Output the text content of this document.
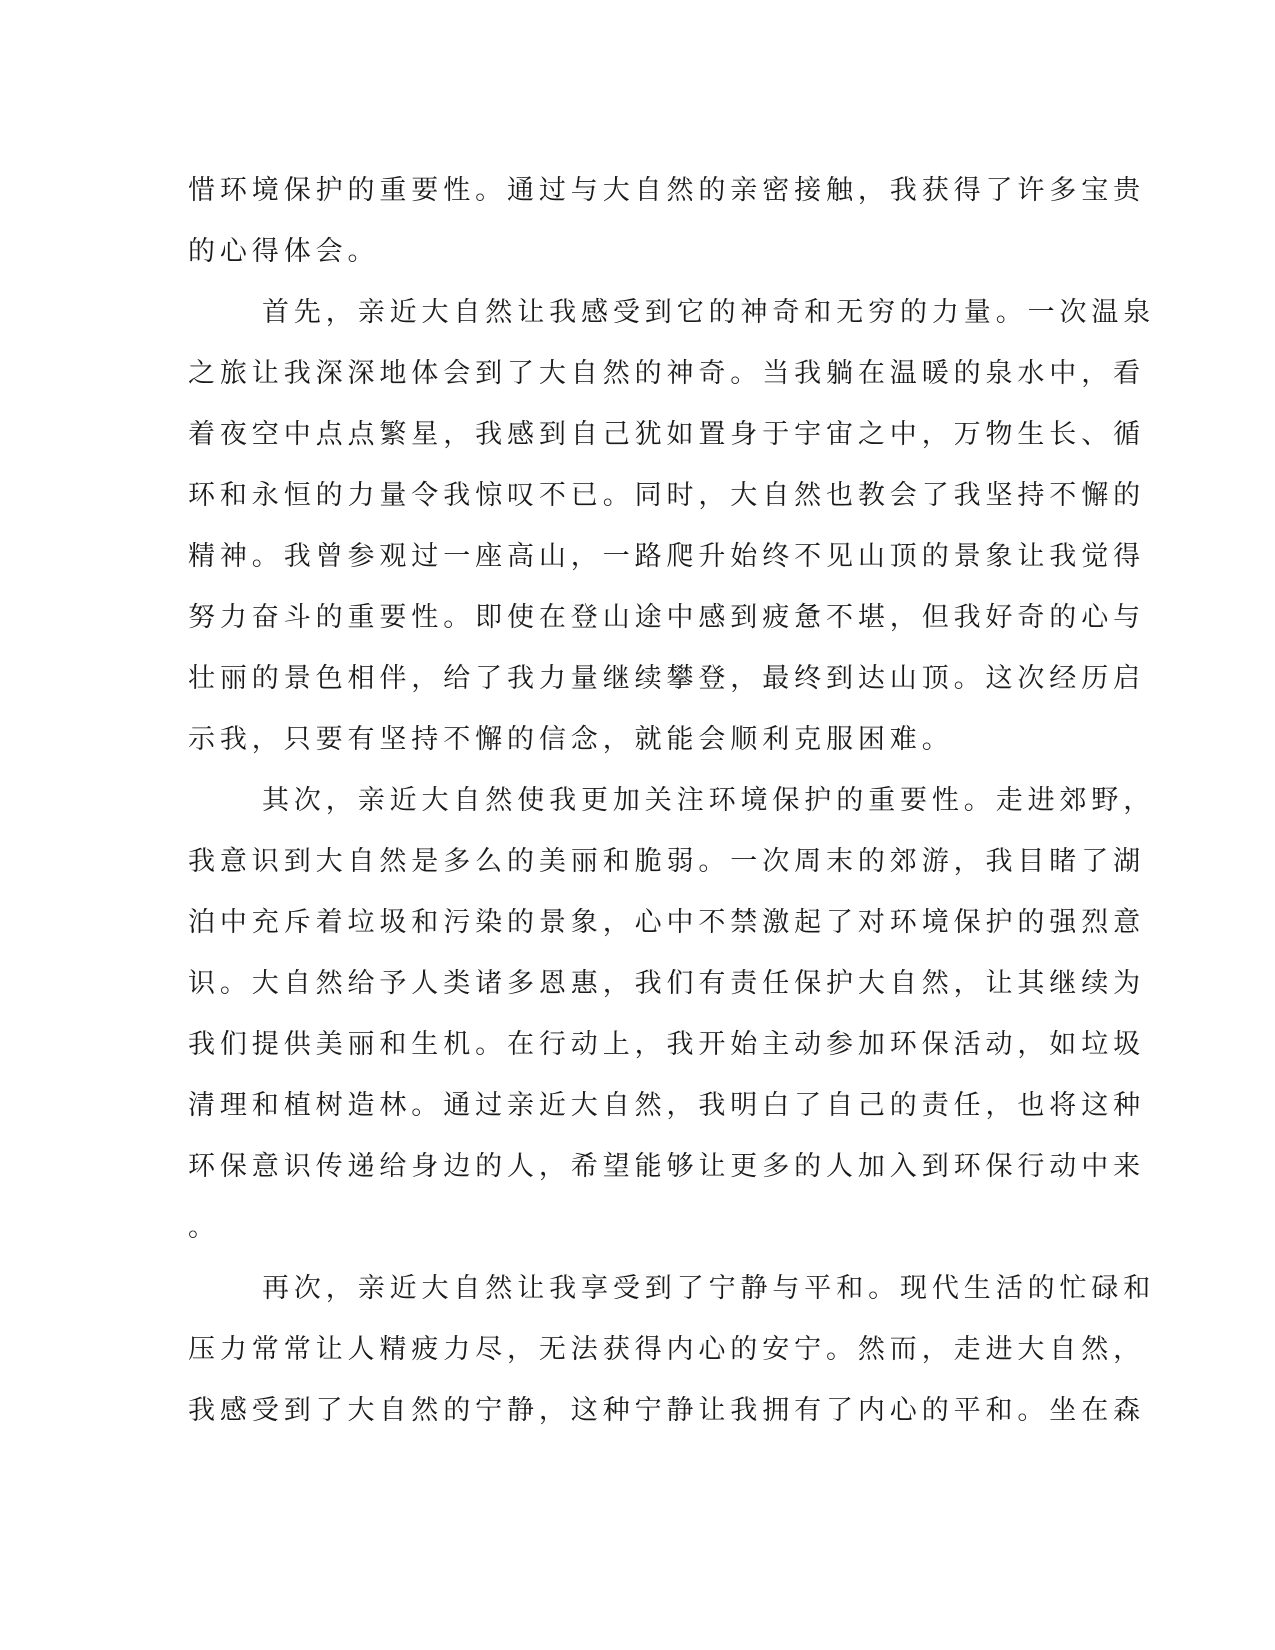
惜环境保护的重要性。通过与大自然的亲密接触，我获得了许多宝贵
的心得体会。
首先，亲近大自然让我感受到它的神奇和无穷的力量。一次温泉
之旅让我深深地体会到了大自然的神奇。当我躺在温暖的泉水中，看
着夜空中点点繁星，我感到自己犹如置身于宇宙之中，万物生长、循
环和永恒的力量令我惊叹不已。同时，大自然也教会了我坚持不懈的
精神。我曾参观过一座高山，一路爬升始终不见山顶的景象让我觉得
努力奋斗的重要性。即使在登山途中感到疲惫不堪，但我好奇的心与
壮丽的景色相伴，给了我力量继续攀登，最终到达山顶。这次经历启
示我，只要有坚持不懈的信念，就能会顺利克服困难。
其次，亲近大自然使我更加关注环境保护的重要性。走进郊野，
我意识到大自然是多么的美丽和脆弱。一次周末的郊游，我目睹了湖
泊中充斥着垃圾和污染的景象，心中不禁激起了对环境保护的强烈意
识。大自然给予人类诸多恩惠，我们有责任保护大自然，让其继续为
我们提供美丽和生机。在行动上，我开始主动参加环保活动，如垃圾
清理和植树造林。通过亲近大自然，我明白了自己的责任，也将这种
环保意识传递给身边的人，希望能够让更多的人加入到环保行动中来
。
再次，亲近大自然让我享受到了宁静与平和。现代生活的忙碌和
压力常常让人精疲力尽，无法获得内心的安宁。然而，走进大自然，
我感受到了大自然的宁静，这种宁静让我拥有了内心的平和。坐在森
